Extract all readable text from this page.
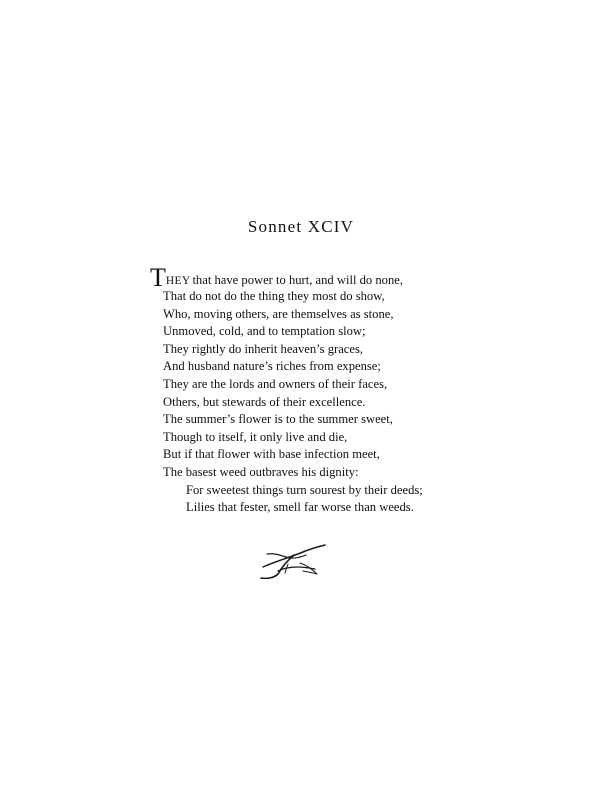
Sonnet XCIV
THEY that have power to hurt, and will do none,
That do not do the thing they most do show,
Who, moving others, are themselves as stone,
Unmoved, cold, and to temptation slow;
They rightly do inherit heaven’s graces,
And husband nature’s riches from expense;
They are the lords and owners of their faces,
Others, but stewards of their excellence.
The summer’s flower is to the summer sweet,
Though to itself, it only live and die,
But if that flower with base infection meet,
The basest weed outbraves his dignity:
For sweetest things turn sourest by their deeds;
Lilies that fester, smell far worse than weeds.
